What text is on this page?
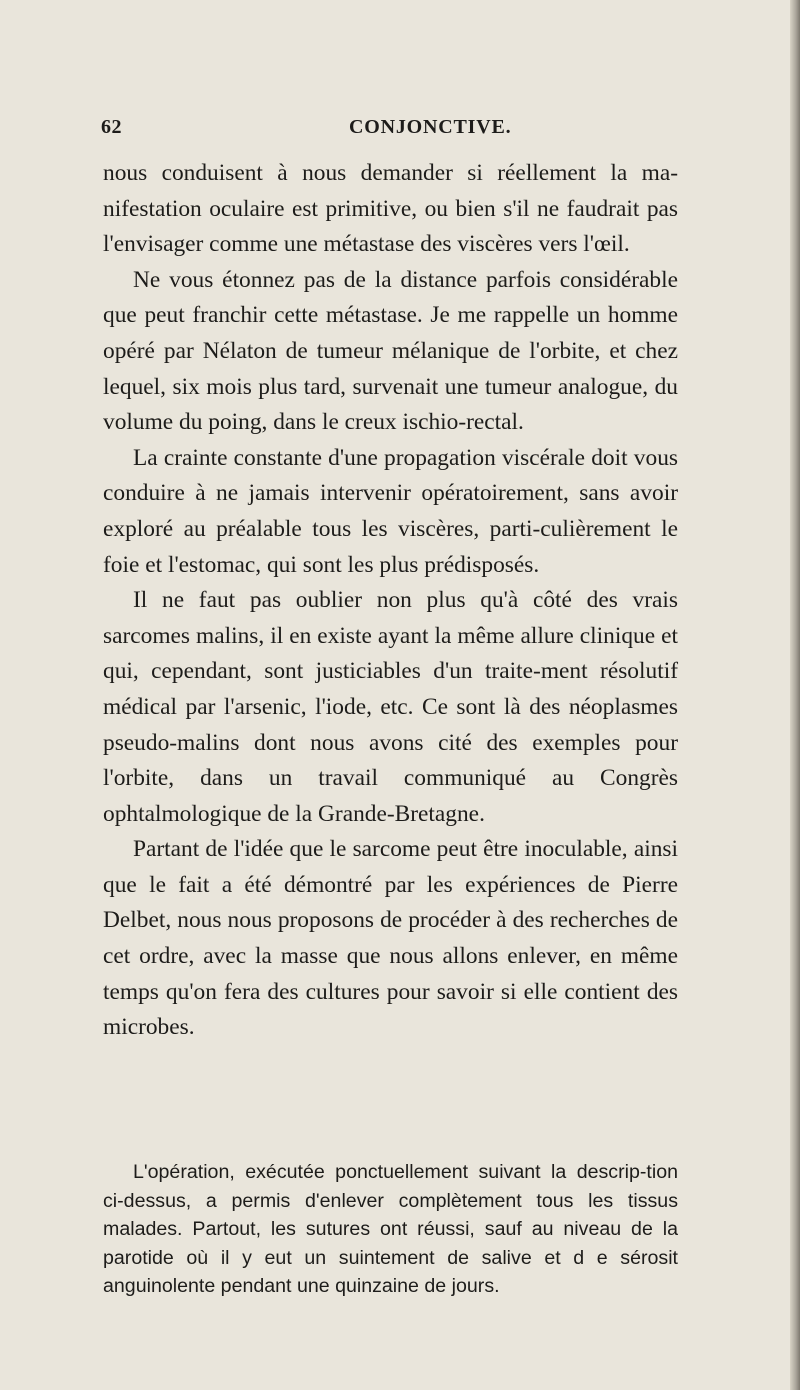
62	CONJONCTIVE.

nous conduisent à nous demander si réellement la ma-nifestation oculaire est primitive, ou bien s'il ne faudrait pas l'envisager comme une métastase des viscères vers l'œil.

Ne vous étonnez pas de la distance parfois considérable que peut franchir cette métastase. Je me rappelle un homme opéré par Nélaton de tumeur mélanique de l'orbite, et chez lequel, six mois plus tard, survenait une tumeur analogue, du volume du poing, dans le creux ischio-rectal.

La crainte constante d'une propagation viscérale doit vous conduire à ne jamais intervenir opératoirement, sans avoir exploré au préalable tous les viscères, parti-culièrement le foie et l'estomac, qui sont les plus prédisposés.

Il ne faut pas oublier non plus qu'à côté des vrais sarcomes malins, il en existe ayant la même allure clinique et qui, cependant, sont justiciables d'un traite-ment résolutif médical par l'arsenic, l'iode, etc. Ce sont là des néoplasmes pseudo-malins dont nous avons cité des exemples pour l'orbite, dans un travail communiqué au Congrès ophtalmologique de la Grande-Bretagne.

Partant de l'idée que le sarcome peut être inoculable, ainsi que le fait a été démontré par les expériences de Pierre Delbet, nous nous proposons de procéder à des recherches de cet ordre, avec la masse que nous allons enlever, en même temps qu'on fera des cultures pour savoir si elle contient des microbes.

L'opération, exécutée ponctuellement suivant la descrip-tion ci-dessus, a permis d'enlever complètement tous les tissus malades. Partout, les sutures ont réussi, sauf au niveau de la parotide où il y eut un suintement de salive et d e sérosit anguinolente pendant une quinzaine de jours.
